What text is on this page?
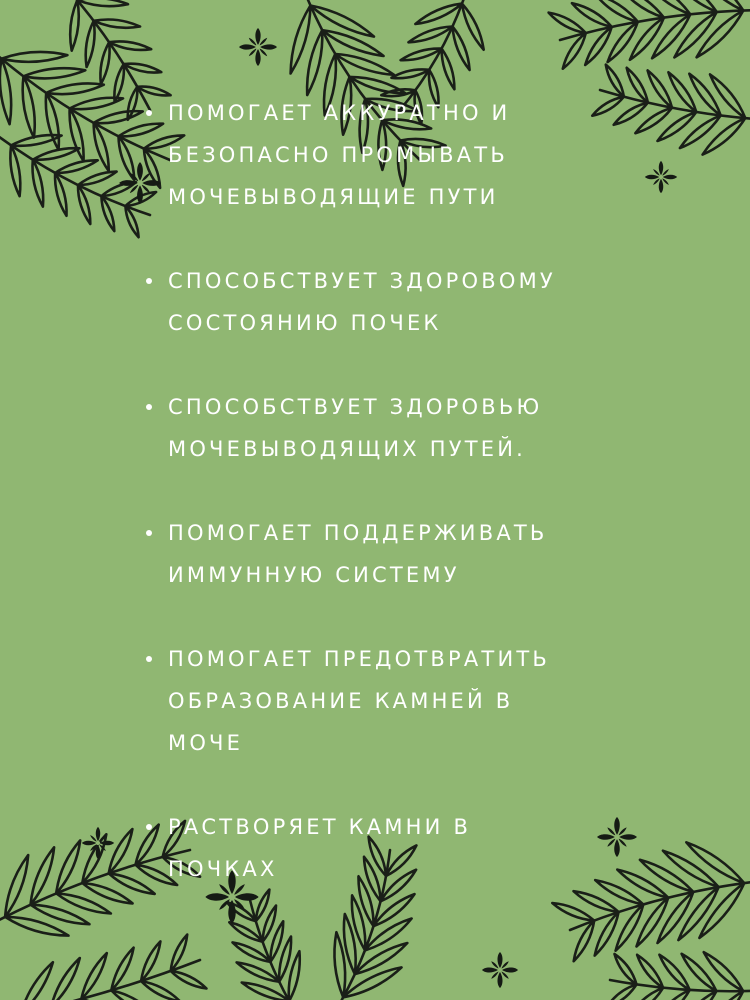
ПОМОГАЕТ АККУРАТНО И
БЕЗОПАСНО ПРОМЫВАТЬ
МОЧЕВЫВОДЯЩИЕ ПУТИ
СПОСОБСТВУЕТ ЗДОРОВОМУ
СОСТОЯНИЮ ПОЧЕК
СПОСОБСТВУЕТ ЗДОРОВЬЮ
МОЧЕВЫВОДЯЩИХ ПУТЕЙ.
ПОМОГАЕТ ПОДДЕРЖИВАТЬ
ИММУННУЮ СИСТЕМУ
ПОМОГАЕТ ПРЕДОТВРАТИТЬ
ОБРАЗОВАНИЕ КАМНЕЙ В
МОЧЕ
РАСТВОРЯЕТ КАМНИ В
ПОЧКАХ
